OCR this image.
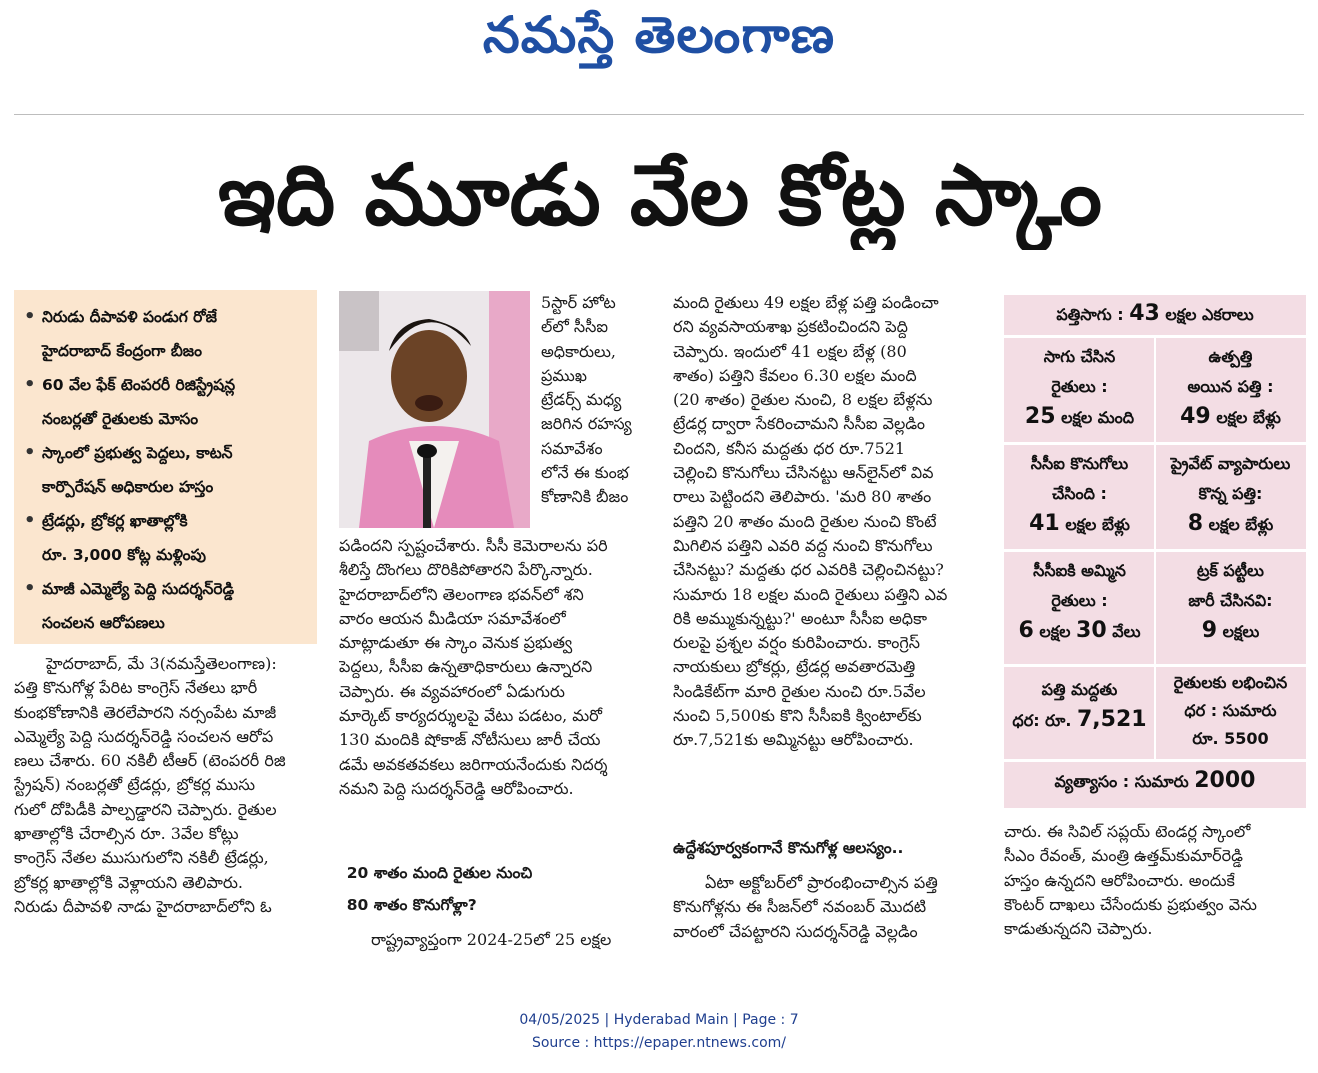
నమస్తే తెలంగాణ
ఇది మూడు వేల కోట్ల స్కాం
• నిరుడు దీపావళి పండుగ రోజే
హైదరాబాద్ కేంద్రంగా బీజం
• 60 వేల ఫేక్ టెంపరరీ రిజిస్ట్రేషన్ల
నంబర్లతో రైతులకు మోసం
• స్కాంలో ప్రభుత్వ పెద్దలు, కాటన్
కార్పొరేషన్ అధికారుల హస్తం
• ట్రేడర్లు, బ్రోకర్ల ఖాతాల్లోకి
రూ. 3,000 కోట్ల మళ్లింపు
• మాజీ ఎమ్మెల్యే పెద్ది సుదర్శన్‌రెడ్డి
సంచలన ఆరోపణలు

హైదరాబాద్, మే 3(నమస్తేతెలంగాణ):

పత్తి కొనుగోళ్ల పేరిట కాంగ్రెస్ నేతలు భారీ

కుంభకోణానికి తెరలేపారని నర్సంపేట మాజీ

ఎమ్మెల్యే పెద్ది సుదర్శన్‌రెడ్డి సంచలన ఆరోప

ణలు చేశారు. 60 నకిలీ టీఆర్ (టెంపరరీ రిజి

స్ట్రేషన్) నంబర్లతో ట్రేడర్లు, బ్రోకర్ల ముసు

గులో దోపిడీకి పాల్పడ్డారని చెప్పారు. రైతుల

ఖాతాల్లోకి చేరాల్సిన రూ. 3వేల కోట్లు

కాంగ్రెస్ నేతల ముసుగులోని నకిలీ ట్రేడర్లు,

బ్రోకర్ల ఖాతాల్లోకి వెళ్లాయని తెలిపారు.

నిరుడు దీపావళి నాడు హైదరాబాద్‌లోని ఓ

5స్టార్ హోట

ల్‌లో సీసీఐ

అధికారులు,

ప్రముఖ

ట్రేడర్స్ మధ్య

జరిగిన రహస్య

సమావేశం

లోనే ఈ కుంభ

కోణానికి బీజం

పడిందని స్పష్టంచేశారు. సీసీ కెమెరాలను పరి

శీలిస్తే దొంగలు దొరికిపోతారని పేర్కొన్నారు.

హైదరాబాద్‌లోని తెలంగాణ భవన్‌లో శని

వారం ఆయన మీడియా సమావేశంలో

మాట్లాడుతూ ఈ స్కాం వెనుక ప్రభుత్వ

పెద్దలు, సీసీఐ ఉన్నతాధికారులు ఉన్నారని

చెప్పారు. ఈ వ్యవహారంలో ఏడుగురు

మార్కెట్ కార్యదర్శులపై వేటు పడటం, మరో

130 మందికి షోకాజ్ నోటీసులు జారీ చేయ

డమే అవకతవకలు జరిగాయనేందుకు నిదర్శ

నమని పెద్ది సుదర్శన్‌రెడ్డి ఆరోపించారు.

20 శాతం మంది రైతుల నుంచి
80 శాతం కొనుగోళ్లా?

రాష్ట్రవ్యాప్తంగా 2024-25లో 25 లక్షల

మంది రైతులు 49 లక్షల బేళ్ల పత్తి పండించా

రని వ్యవసాయశాఖ ప్రకటించిందని పెద్ది

చెప్పారు. ఇందులో 41 లక్షల బేళ్ల (80

శాతం) పత్తిని కేవలం 6.30 లక్షల మంది

(20 శాతం) రైతుల నుంచి, 8 లక్షల బేళ్లను

ట్రేడర్ల ద్వారా సేకరించామని సీసీఐ వెల్లడిం

చిందని, కనీస మద్దతు ధర రూ.7521

చెల్లించి కొనుగోలు చేసినట్టు ఆన్‌లైన్‌లో వివ

రాలు పెట్టిందని తెలిపారు. 'మరి 80 శాతం

పత్తిని 20 శాతం మంది రైతుల నుంచి కొంటే

మిగిలిన పత్తిని ఎవరి వద్ద నుంచి కొనుగోలు

చేసినట్టు? మద్దతు ధర ఎవరికి చెల్లించినట్టు?

సుమారు 18 లక్షల మంది రైతులు పత్తిని ఎవ

రికి అమ్ముకున్నట్టు?' అంటూ సీసీఐ అధికా

రులపై ప్రశ్నల వర్షం కురిపించారు. కాంగ్రెస్

నాయకులు బ్రోకర్లు, ట్రేడర్ల అవతారమెత్తి

సిండికేట్‌గా మారి రైతుల నుంచి రూ.5వేల

నుంచి 5,500కు కొని సీసీఐకి క్వింటాల్‌కు

రూ.7,521కు అమ్మినట్టు ఆరోపించారు.

ఉద్దేశపూర్వకంగానే కొనుగోళ్ల ఆలస్యం..

ఏటా అక్టోబర్‌లో ప్రారంభించాల్సిన పత్తి

కొనుగోళ్లను ఈ సీజన్‌లో నవంబర్ మొదటి

వారంలో చేపట్టారని సుదర్శన్‌రెడ్డి వెల్లడిం

పత్తిసాగు : 43 లక్షల ఎకరాలు
సాగు చేసిన
రైతులు :
25 లక్షల మంది
ఉత్పత్తి
అయిన పత్తి :
49 లక్షల బేళ్లు
సీసీఐ కొనుగోలు
చేసింది :
41 లక్షల బేళ్లు
ప్రైవేట్ వ్యాపారులు
కొన్న పత్తి:
8 లక్షల బేళ్లు
సీసీఐకి అమ్మిన
రైతులు :
6 లక్షల 30 వేలు
ట్రక్ పట్టీలు
జారీ చేసినవి:
9 లక్షలు
పత్తి మద్దతు
ధర: రూ. 7,521
రైతులకు లభించిన
ధర : సుమారు
రూ. 5500
వ్యత్యాసం : సుమారు 2000

చారు. ఈ సివిల్ సప్లయ్ టెండర్ల స్కాంలో

సీఎం రేవంత్, మంత్రి ఉత్తమ్‌కుమార్‌రెడ్డి

హస్తం ఉన్నదని ఆరోపించారు. అందుకే

కౌంటర్ దాఖలు చేసేందుకు ప్రభుత్వం వెను

కాడుతున్నదని చెప్పారు.

04/05/2025 | Hyderabad Main | Page : 7
Source : https://epaper.ntnews.com/
